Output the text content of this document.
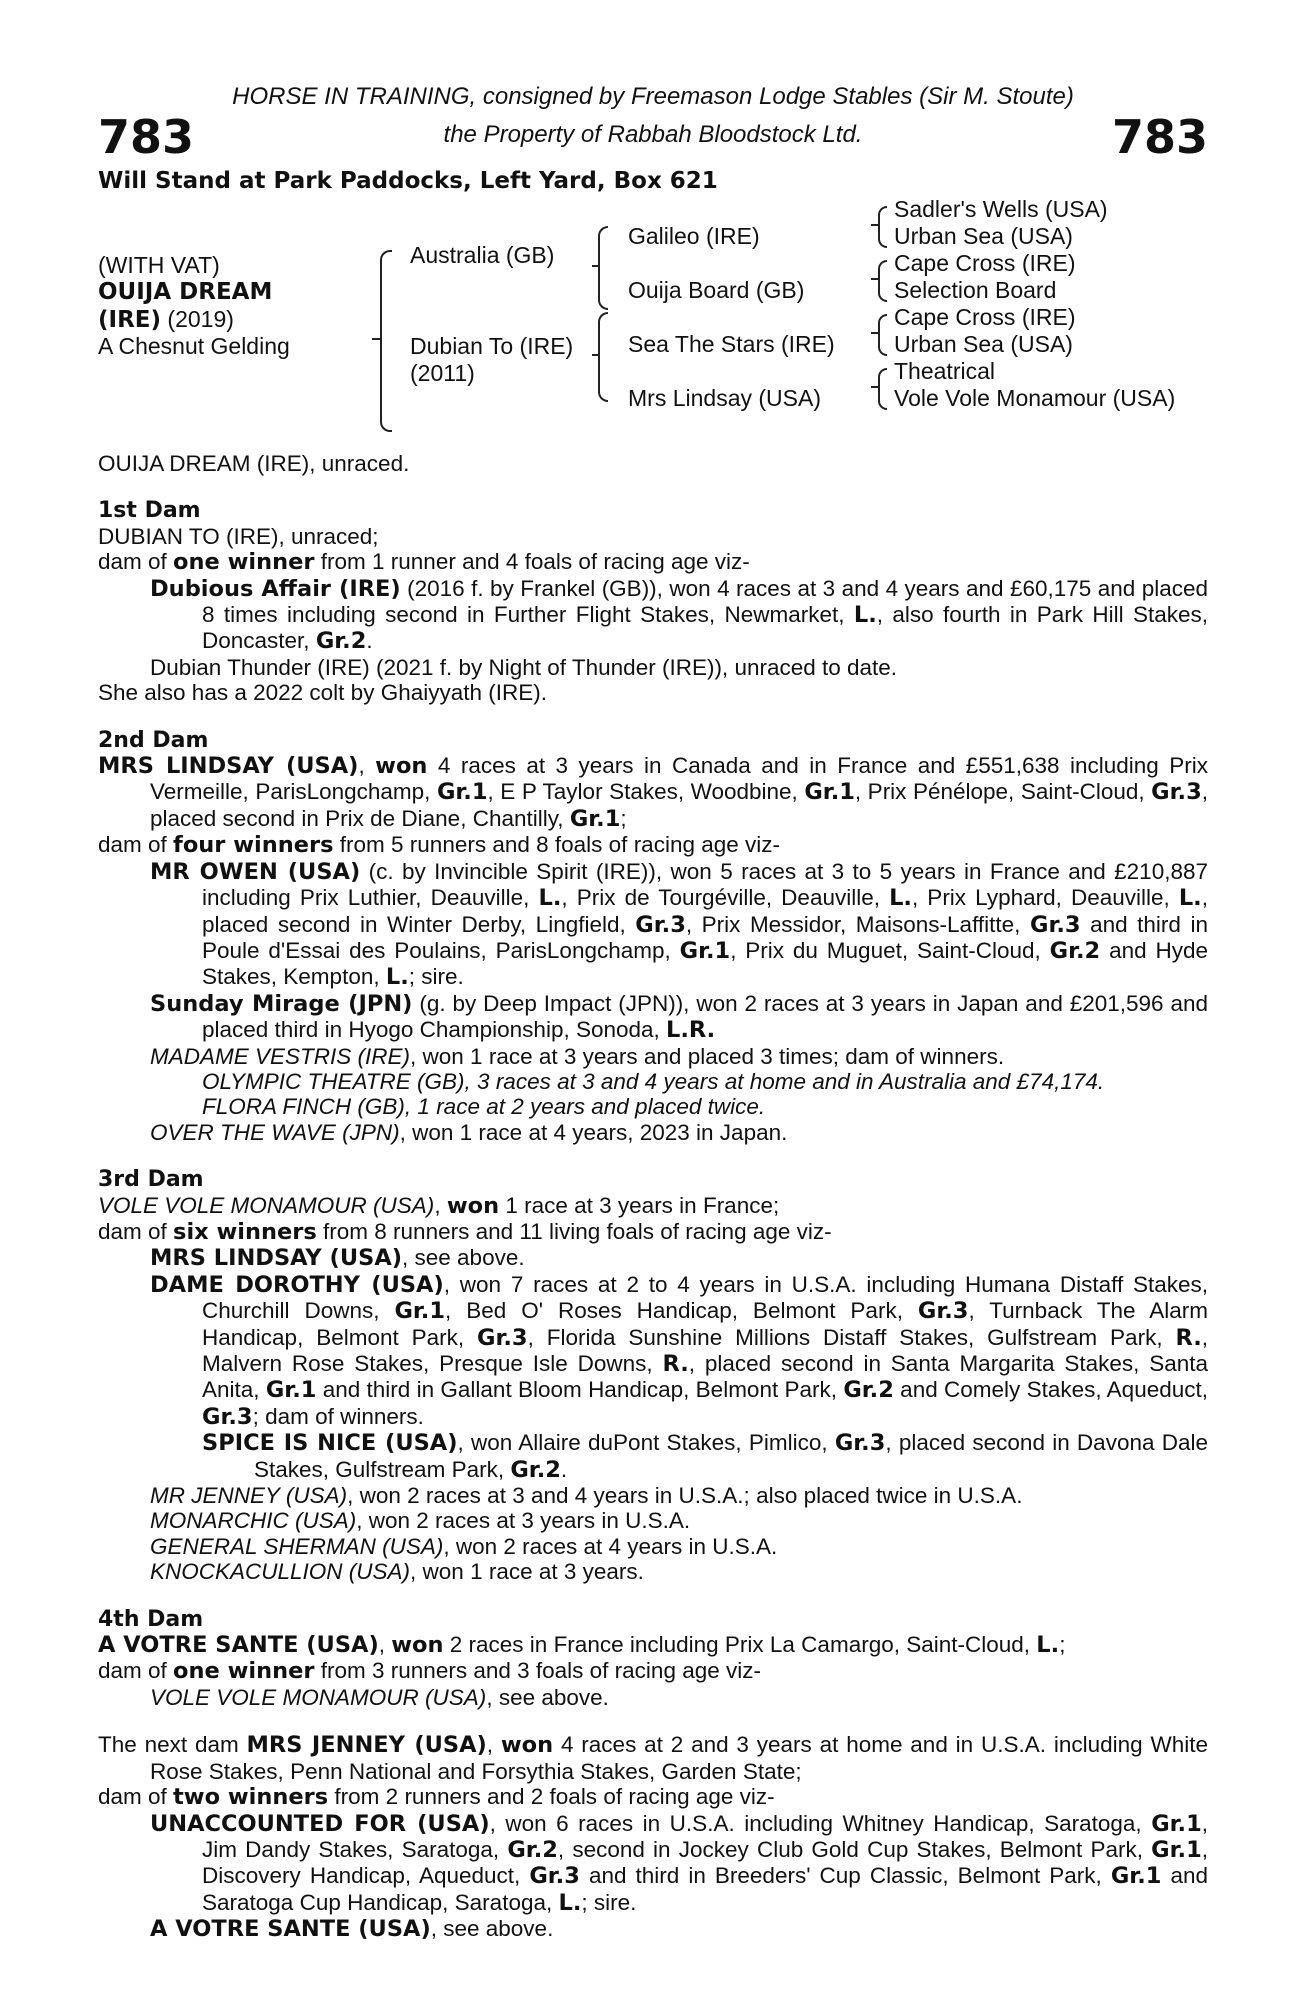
HORSE IN TRAINING, consigned by Freemason Lodge Stables (Sir M. Stoute)
783	the Property of Rabbah Bloodstock Ltd.	783
Will Stand at Park Paddocks, Left Yard, Box 621
(WITH VAT)
OUIJA DREAM
(IRE) (2019)
A Chesnut Gelding
Australia (GB)
Dubian To (IRE)
(2011)
Galileo (IRE)
Ouija Board (GB)
Sea The Stars (IRE)
Mrs Lindsay (USA)
Sadler's Wells (USA)
Urban Sea (USA)
Cape Cross (IRE)
Selection Board
Cape Cross (IRE)
Urban Sea (USA)
Theatrical
Vole Vole Monamour (USA)

OUIJA DREAM (IRE), unraced.

1st Dam

DUBIAN TO (IRE), unraced;

dam of one winner from 1 runner and 4 foals of racing age viz-

Dubious Affair (IRE) (2016 f. by Frankel (GB)), won 4 races at 3 and 4 years and £60,175 and placed 8 times including second in Further Flight Stakes, Newmarket, L., also fourth in Park Hill Stakes, Doncaster, Gr.2.

Dubian Thunder (IRE) (2021 f. by Night of Thunder (IRE)), unraced to date.

She also has a 2022 colt by Ghaiyyath (IRE).

2nd Dam

MRS LINDSAY (USA), won 4 races at 3 years in Canada and in France and £551,638 including Prix Vermeille, ParisLongchamp, Gr.1, E P Taylor Stakes, Woodbine, Gr.1, Prix Pénélope, Saint-Cloud, Gr.3, placed second in Prix de Diane, Chantilly, Gr.1;

dam of four winners from 5 runners and 8 foals of racing age viz-

MR OWEN (USA) (c. by Invincible Spirit (IRE)), won 5 races at 3 to 5 years in France and £210,887 including Prix Luthier, Deauville, L., Prix de Tourgéville, Deauville, L., Prix Lyphard, Deauville, L., placed second in Winter Derby, Lingfield, Gr.3, Prix Messidor, Maisons-Laffitte, Gr.3 and third in Poule d'Essai des Poulains, ParisLongchamp, Gr.1, Prix du Muguet, Saint-Cloud, Gr.2 and Hyde Stakes, Kempton, L.; sire.

Sunday Mirage (JPN) (g. by Deep Impact (JPN)), won 2 races at 3 years in Japan and £201,596 and placed third in Hyogo Championship, Sonoda, L.R.

MADAME VESTRIS (IRE), won 1 race at 3 years and placed 3 times; dam of winners.

OLYMPIC THEATRE (GB), 3 races at 3 and 4 years at home and in Australia and £74,174.

FLORA FINCH (GB), 1 race at 2 years and placed twice.

OVER THE WAVE (JPN), won 1 race at 4 years, 2023 in Japan.

3rd Dam

VOLE VOLE MONAMOUR (USA), won 1 race at 3 years in France;

dam of six winners from 8 runners and 11 living foals of racing age viz-

MRS LINDSAY (USA), see above.

DAME DOROTHY (USA), won 7 races at 2 to 4 years in U.S.A. including Humana Distaff Stakes, Churchill Downs, Gr.1, Bed O' Roses Handicap, Belmont Park, Gr.3, Turnback The Alarm Handicap, Belmont Park, Gr.3, Florida Sunshine Millions Distaff Stakes, Gulfstream Park, R., Malvern Rose Stakes, Presque Isle Downs, R., placed second in Santa Margarita Stakes, Santa Anita, Gr.1 and third in Gallant Bloom Handicap, Belmont Park, Gr.2 and Comely Stakes, Aqueduct, Gr.3; dam of winners.

SPICE IS NICE (USA), won Allaire duPont Stakes, Pimlico, Gr.3, placed second in Davona Dale Stakes, Gulfstream Park, Gr.2.

MR JENNEY (USA), won 2 races at 3 and 4 years in U.S.A.; also placed twice in U.S.A.

MONARCHIC (USA), won 2 races at 3 years in U.S.A.

GENERAL SHERMAN (USA), won 2 races at 4 years in U.S.A.

KNOCKACULLION (USA), won 1 race at 3 years.

4th Dam

A VOTRE SANTE (USA), won 2 races in France including Prix La Camargo, Saint-Cloud, L.;

dam of one winner from 3 runners and 3 foals of racing age viz-

VOLE VOLE MONAMOUR (USA), see above.

The next dam MRS JENNEY (USA), won 4 races at 2 and 3 years at home and in U.S.A. including White Rose Stakes, Penn National and Forsythia Stakes, Garden State;

dam of two winners from 2 runners and 2 foals of racing age viz-

UNACCOUNTED FOR (USA), won 6 races in U.S.A. including Whitney Handicap, Saratoga, Gr.1, Jim Dandy Stakes, Saratoga, Gr.2, second in Jockey Club Gold Cup Stakes, Belmont Park, Gr.1, Discovery Handicap, Aqueduct, Gr.3 and third in Breeders' Cup Classic, Belmont Park, Gr.1 and Saratoga Cup Handicap, Saratoga, L.; sire.

A VOTRE SANTE (USA), see above.
